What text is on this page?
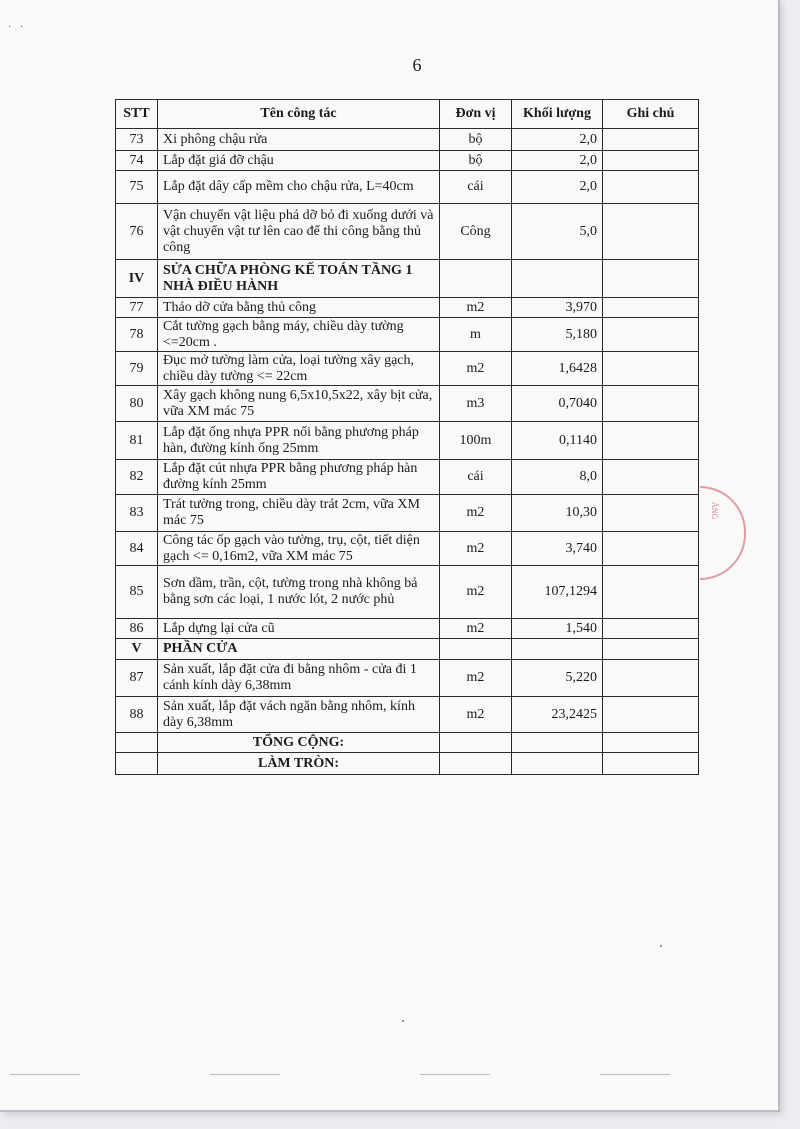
· ·
6
STT	Tên công tác	Đơn vị	Khối lượng	Ghi chú
73	Xi phông chậu rửa	bộ	2,0	
74	Lắp đặt giá đỡ chậu	bộ	2,0	
75	Lắp đặt dây cấp mềm cho chậu rửa, L=40cm	cái	2,0	
76	Vận chuyển vật liệu phá dỡ bỏ đi xuống dưới và vật chuyển vật tư lên cao để thi công bằng thủ công	Công	5,0	
IV	SỬA CHỮA PHÒNG KẾ TOÁN TẦNG 1 NHÀ ĐIỀU HÀNH			
77	Tháo dỡ cửa bằng thủ công	m2	3,970	
78	Cắt tường gạch bằng máy, chiều dày tường <=20cm .	m	5,180	
79	Đục mở tường làm cửa, loại tường xây gạch, chiều dày tường <= 22cm	m2	1,6428	
80	Xây gạch không nung 6,5x10,5x22, xây bịt cửa, vữa XM mác 75	m3	0,7040	
81	Lắp đặt ống nhựa PPR nối bằng phương pháp hàn, đường kính ống 25mm	100m	0,1140	
82	Lắp đặt cút nhựa PPR bằng phương pháp hàn đường kính 25mm	cái	8,0	
83	Trát tường trong, chiều dày trát 2cm, vữa XM mác 75	m2	10,30	
84	Công tác ốp gạch vào tường, trụ, cột, tiết diện gạch <= 0,16m2, vữa XM mác 75	m2	3,740	
85	Sơn dầm, trần, cột, tường trong nhà không bả bằng sơn các loại, 1 nước lót, 2 nước phủ	m2	107,1294	
86	Lắp dựng lại cửa cũ	m2	1,540	
V	PHẦN CỬA			
87	Sản xuất, lắp đặt cửa đi bằng nhôm - cửa đi 1 cánh kính dày 6,38mm	m2	5,220	
88	Sản xuất, lắp đặt vách ngăn bằng nhôm, kính dày 6,38mm	m2	23,2425	
	TỔNG CỘNG:			
	LÀM TRÒN:			
ĂNG
